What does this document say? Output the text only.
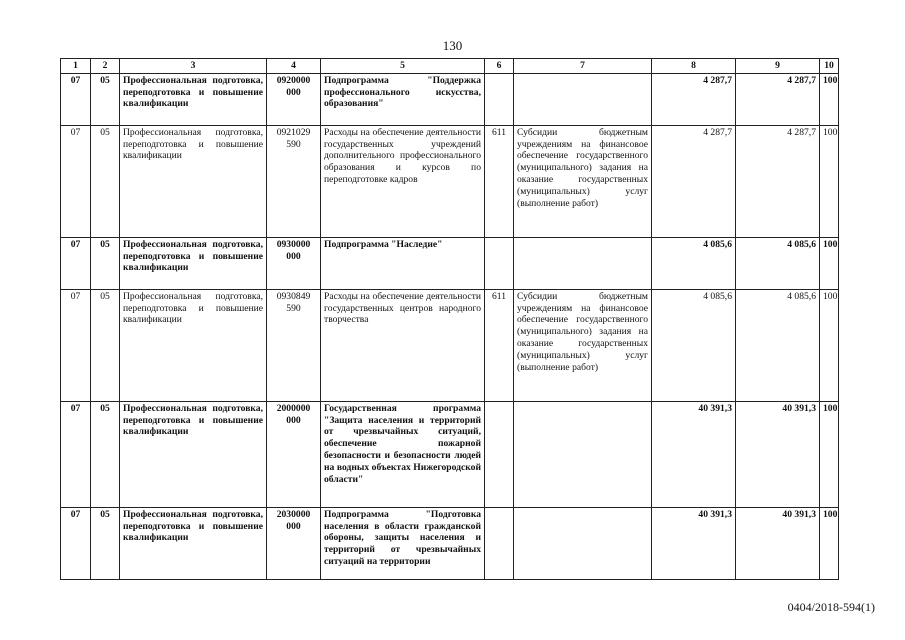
130
1	2	3	4	5	6	7	8	9	10
07	05	Профессиональная подготовка, переподготовка и повышение квалификации	0920000 000	Подпрограмма "Поддержка профессионального искусства, образования"			4 287,7	4 287,7	100
07	05	Профессиональная подготовка, переподготовка и повышение квалификации	0921029 590	Расходы на обеспечение деятельности государственных учреждений дополнительного профессионального образования и курсов по переподготовке кадров	611	Субсидии бюджетным учреждениям на финансовое обеспечение государственного (муниципального) задания на оказание государственных (муниципальных) услуг (выполнение работ)	4 287,7	4 287,7	100
07	05	Профессиональная подготовка, переподготовка и повышение квалификации	0930000 000	Подпрограмма "Наследие"			4 085,6	4 085,6	100
07	05	Профессиональная подготовка, переподготовка и повышение квалификации	0930849 590	Расходы на обеспечение деятельности государственных центров народного творчества	611	Субсидии бюджетным учреждениям на финансовое обеспечение государственного (муниципального) задания на оказание государственных (муниципальных) услуг (выполнение работ)	4 085,6	4 085,6	100
07	05	Профессиональная подготовка, переподготовка и повышение квалификации	2000000 000	Государственная программа "Защита населения и территорий от чрезвычайных ситуаций, обеспечение пожарной безопасности и безопасности людей на водных объектах Нижегородской области"			40 391,3	40 391,3	100
07	05	Профессиональная подготовка, переподготовка и повышение квалификации	2030000 000	Подпрограмма "Подготовка населения в области гражданской обороны, защиты населения и территорий от чрезвычайных ситуаций на территории			40 391,3	40 391,3	100
0404/2018-594(1)
